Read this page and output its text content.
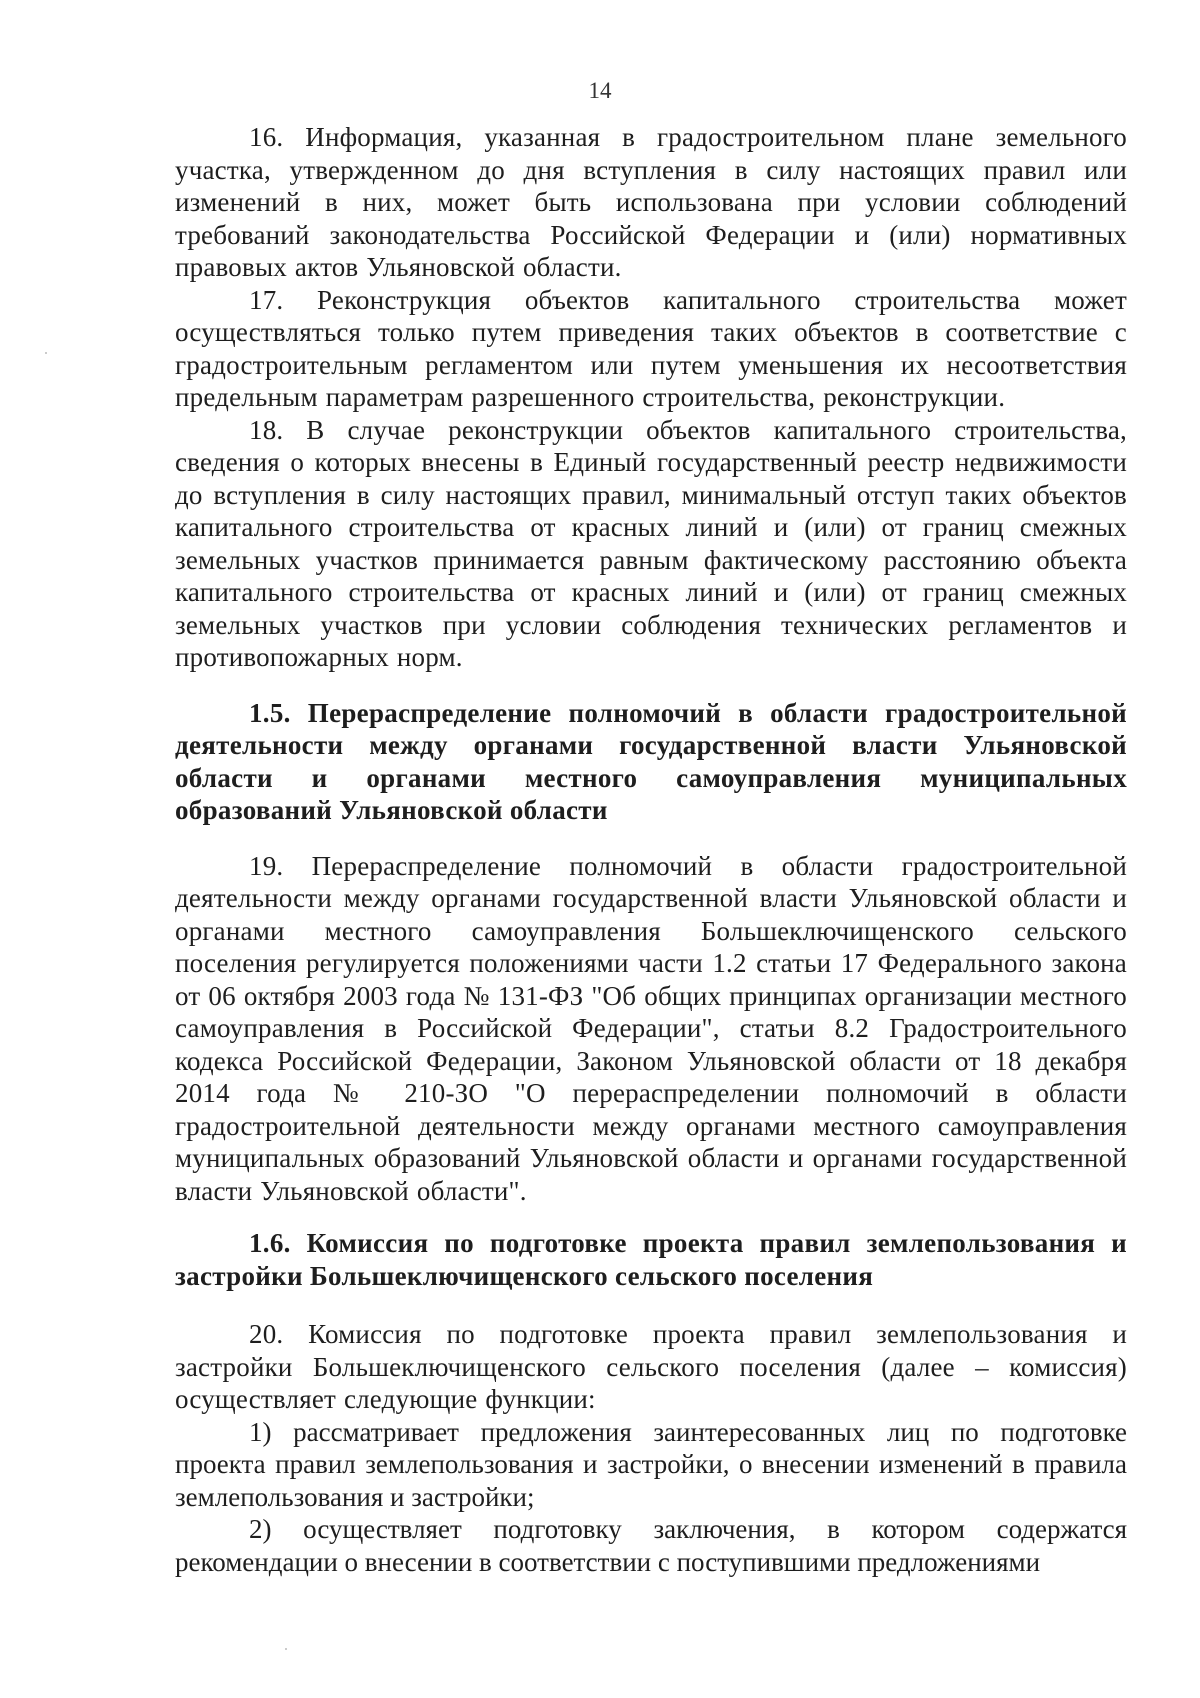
14

16. Информация, указанная в градостроительном плане земельного участка, утвержденном до дня вступления в силу настоящих правил или изменений в них, может быть использована при условии соблюдений требований законодательства Российской Федерации и (или) нормативных правовых актов Ульяновской области.

17. Реконструкция объектов капитального строительства может осуществляться только путем приведения таких объектов в соответствие с градостроительным регламентом или путем уменьшения их несоответствия предельным параметрам разрешенного строительства, реконструкции.

18. В случае реконструкции объектов капитального строительства, сведения о которых внесены в Единый государственный реестр недвижимости до вступления в силу настоящих правил, минимальный отступ таких объектов капитального строительства от красных линий и (или) от границ смежных земельных участков принимается равным фактическому расстоянию объекта капитального строительства от красных линий и (или) от границ смежных земельных участков при условии соблюдения технических регламентов и противопожарных норм.

1.5. Перераспределение полномочий в области градостроительной деятельности между органами государственной власти Ульяновской области и органами местного самоуправления муниципальных образований Ульяновской области

19. Перераспределение полномочий в области градостроительной деятельности между органами государственной власти Ульяновской области и органами местного самоуправления Большеключищенского сельского поселения регулируется положениями части 1.2 статьи 17 Федерального закона от 06 октября 2003 года № 131-ФЗ "Об общих принципах организации местного самоуправления в Российской Федерации", статьи 8.2 Градостроительного кодекса Российской Федерации, Законом Ульяновской области от 18 декабря 2014 года № 210-ЗО "О перераспределении полномочий в области градостроительной деятельности между органами местного самоуправления муниципальных образований Ульяновской области и органами государственной власти Ульяновской области".

1.6. Комиссия по подготовке проекта правил землепользования и застройки Большеключищенского сельского поселения

20. Комиссия по подготовке проекта правил землепользования и застройки Большеключищенского сельского поселения (далее – комиссия) осуществляет следующие функции:

1) рассматривает предложения заинтересованных лиц по подготовке проекта правил землепользования и застройки, о внесении изменений в правила землепользования и застройки;

2) осуществляет подготовку заключения, в котором содержатся рекомендации о внесении в соответствии с поступившими предложениями
